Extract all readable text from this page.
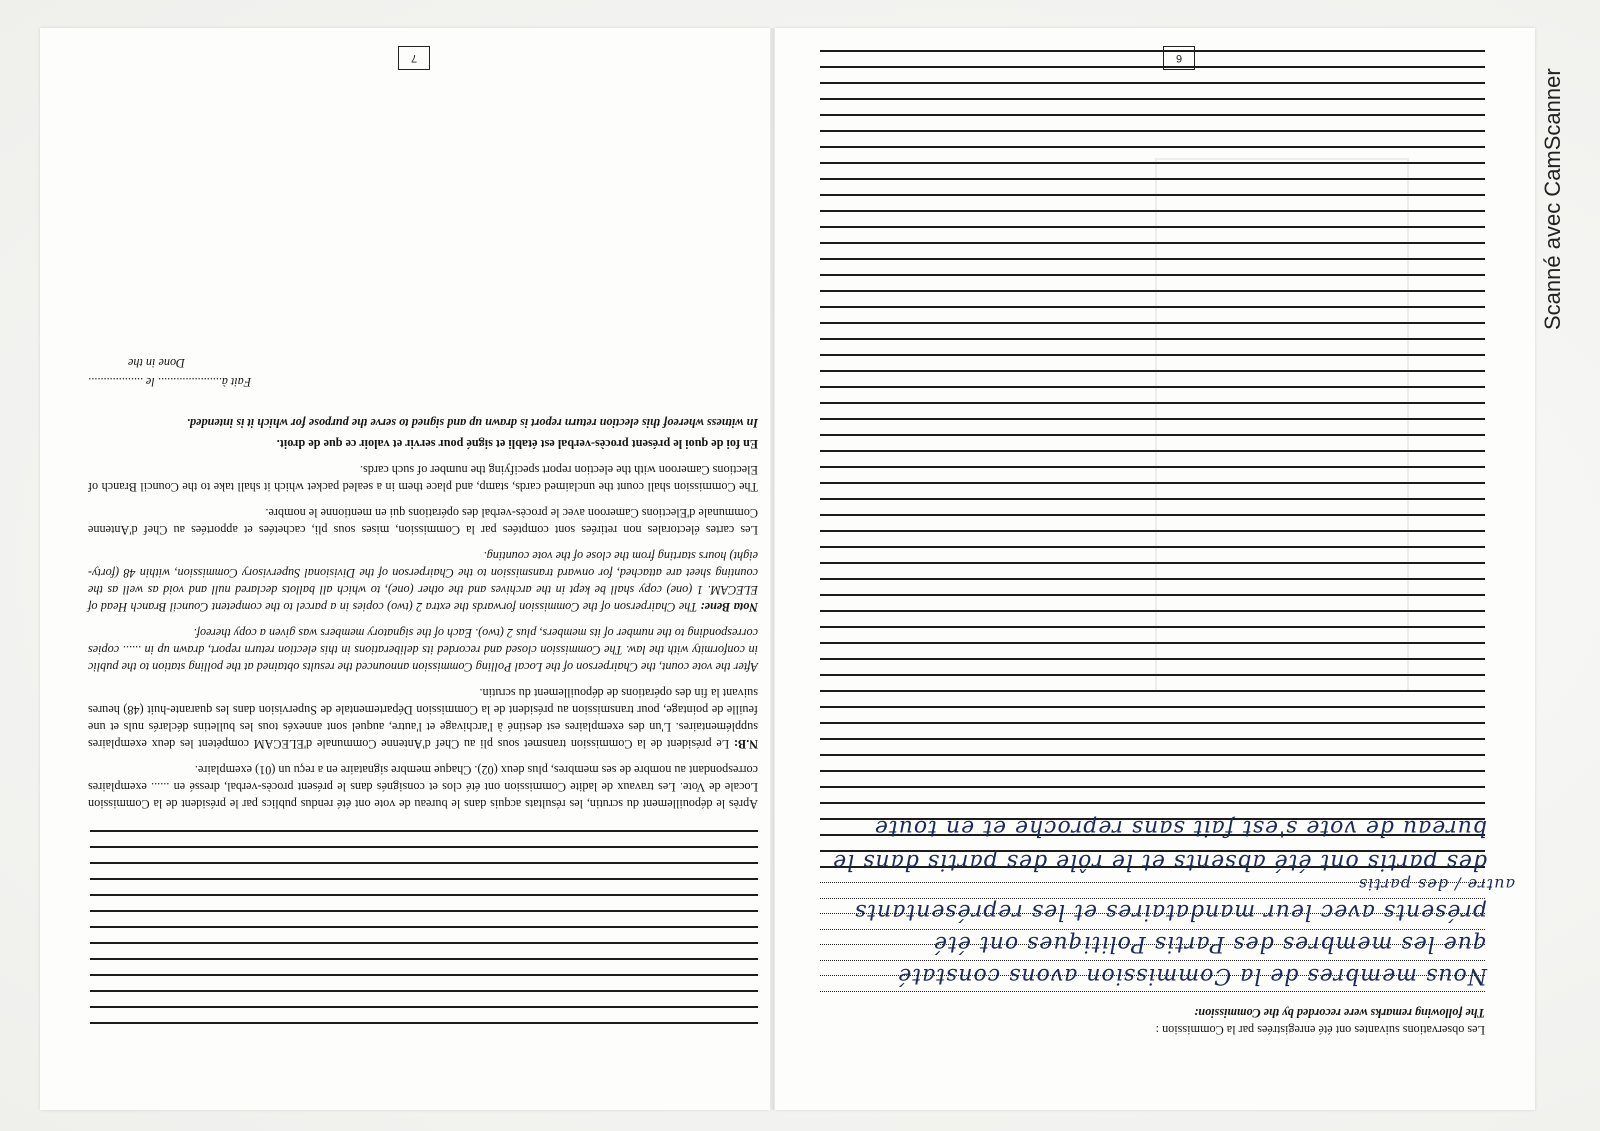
7

Après le dépouillement du scrutin, les résultats acquis dans le bureau de vote ont été rendus publics par le président de la Commission Locale de Vote. Les travaux de ladite Commission ont été clos et consignés dans le présent procès-verbal, dressé en ...... exemplaires correspondant au nombre de ses membres, plus deux (02). Chaque membre signataire en a reçu un (01) exemplaire.

N.B: Le président de la Commission transmet sous pli au Chef d'Antenne Communale d'ELECAM compétent les deux exemplaires supplémentaires. L'un des exemplaires est destiné à l'archivage et l'autre, auquel sont annexés tous les bulletins déclarés nuls et une feuille de pointage, pour transmission au président de la Commission Départementale de Supervision dans les quarante-huit (48) heures suivant la fin des opérations de dépouillement du scrutin.

After the vote count, the Chairperson of the Local Polling Commission announced the results obtained at the polling station to the public in conformity with the law. The Commission closed and recorded its deliberations in this election return report, drawn up in ...... copies corresponding to the number of its members, plus 2 (two). Each of the signatory members was given a copy thereof.

Nota Bene: The Chairperson of the Commission forwards the extra 2 (two) copies in a parcel to the competent Council Branch Head of ELECAM. 1 (one) copy shall be kept in the archives and the other (one), to which all ballots declared null and void as well as the counting sheet are attached, for onward transmission to the Chairperson of the Divisional Supervisory Commission, within 48 (forty-eight) hours starting from the close of the vote counting.

Les cartes électorales non retirées sont comptées par la Commission, mises sous pli, cachetées et apportées au Chef d'Antenne Communale d'Elections Cameroon avec le procès-verbal des opérations qui en mentionne le nombre.

The Commission shall count the unclaimed cards, stamp, and place them in a sealed packet which it shall take to the Council Branch of Elections Cameroon with the election report specifying the number of such cards.

En foi de quoi le présent procès-verbal est établi et signé pour servir et valoir ce que de droit.

In witness whereof this election return report is drawn up and signed to serve the purpose for which it is intended.

Fait à..................... le ..................

Done in the

6
Les observations suivantes ont été enregistrées par la Commission :
The following remarks were recorded by the Commission:
Nous membres de la Commission avons constaté
que les membres des Partis Politiques ont été
présents avec leur mandataires et les représentants
autre / des partis
des partis ont été absents et le rôle des partis dans le
bureau de vote s'est fait sans reproche et en toute
Scanné avec CamScanner
